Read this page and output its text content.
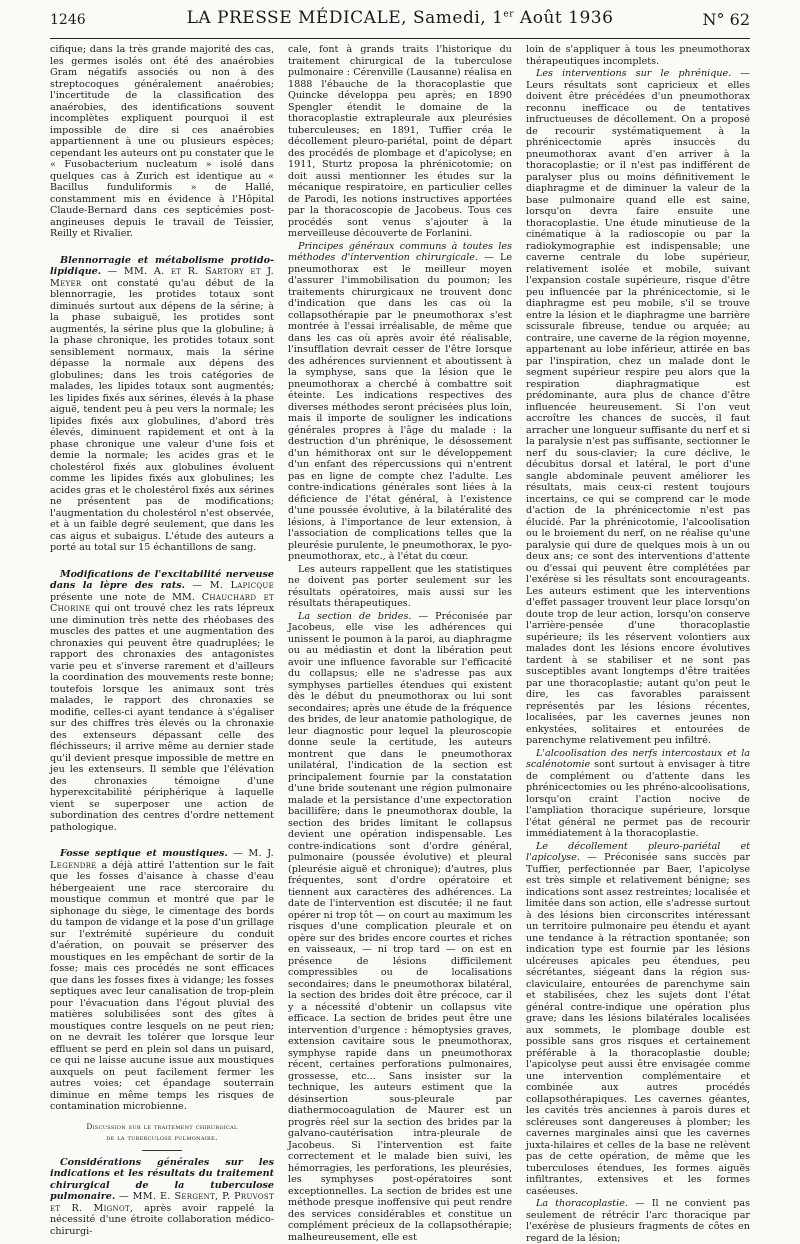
1246	LA PRESSE MÉDICALE, Samedi, 1er Août 1936	N° 62

cifique; dans la très grande majorité des cas, les germes isolés ont été des anaérobies Gram négatifs associés ou non à des streptocoques généralement anaérobies; l'incertitude de la classification des anaérobies, des identifications souvent incomplètes expliquent pourquoi il est impossible de dire si ces anaérobies appartiennent à une ou plusieurs espèces; cependant les auteurs ont pu constater que le « Fusobacterium nucleatum » isolé dans quelques cas à Zurich est identique au « Bacillus funduliformis » de Hallé, constamment mis en évidence à l'Hôpital Claude-Bernard dans ces septicémies post-angineuses depuis le travail de Teissier, Reilly et Rivalier.

Blennorragie et métabolisme protido-lipidique. — MM. A. et R. Sartory et J. Meyer ont constaté qu'au début de la blennorragie, les protides totaux sont diminués surtout aux dépens de la sérine; à la phase subaiguë, les protides sont augmentés, la sérine plus que la globuline; à la phase chronique, les protides totaux sont sensiblement normaux, mais la sérine dépasse la normale aux dépens des globulines; dans les trois catégories de malades, les lipides totaux sont augmentés; les lipides fixés aux sérines, élevés à la phase aiguë, tendent peu à peu vers la normale; les lipides fixés aux globulines, d'abord très élevés, diminuent rapidement et ont à la phase chronique une valeur d'une fois et demie la normale; les acides gras et le cholestérol fixés aux globulines évoluent comme les lipides fixés aux globulines; les acides gras et le cholestérol fixés aux sérines ne présentent pas de modifications; l'augmentation du cholestérol n'est observée, et à un faible degré seulement, que dans les cas aigus et subaigus. L'étude des auteurs a porté au total sur 15 échantillons de sang.

Modifications de l'excitabilité nerveuse dans la lèpre des rats. — M. Lapicque présente une note de MM. Chauchard et Chorine qui ont trouvé chez les rats lépreux une diminution très nette des rhéobases des muscles des pattes et une augmentation des chronaxies qui peuvent être quadruplées; le rapport des chronaxies des antagonistes varie peu et s'inverse rarement et d'ailleurs la coordination des mouvements reste bonne; toutefois lorsque les animaux sont très malades, le rapport des chronaxies se modifie, celles-ci ayant tendance à s'égaliser sur des chiffres très élevés ou la chronaxie des extenseurs dépassant celle des fléchisseurs; il arrive même au dernier stade qu'il devient presque impossible de mettre en jeu les extenseurs. Il semble que l'élévation des chronaxies témoigne d'une hyperexcitabilité périphérique à laquelle vient se superposer une action de subordination des centres d'ordre nettement pathologique.

Fosse septique et moustiques. — M. J. Legendre a déjà attiré l'attention sur le fait que les fosses d'aisance à chasse d'eau hébergeaient une race stercoraire du moustique commun et montré que par le siphonage du siège, le cimentage des bords du tampon de vidange et la pose d'un grillage sur l'extrémité supérieure du conduit d'aération, on pouvait se préserver des moustiques en les empêchant de sortir de la fosse; mais ces procédés ne sont efficaces que dans les fosses fixes à vidange; les fosses septiques avec leur canalisation de trop-plein pour l'évacuation dans l'égout pluvial des matières solubilisées sont des gîtes à moustiques contre lesquels on ne peut rien; on ne devrait les tolérer que lorsque leur effluent se perd en plein sol dans un puisard, ce qui ne laisse aucune issue aux moustiques auxquels on peut facilement fermer les autres voies; cet épandage souterrain diminue en même temps les risques de contamination microbienne.

Discussion sur le traitement chirurgical
de la tuberculose pulmonaire.

Considérations générales sur les indications et les résultats du traitement chirurgical de la tuberculose pulmonaire. — MM. E. Sergent, P. Pruvost et R. Mignot, après avoir rappelé la nécessité d'une étroite collaboration médico-chirurgi-

cale, font à grands traits l'historique du traitement chirurgical de la tuberculose pulmonaire : Cérenville (Lausanne) réalisa en 1888 l'ébauche de la thoracoplastie que Quincke développa peu après; en 1890 Spengler étendit le domaine de la thoracoplastie extrapleurale aux pleurésies tuberculeuses; en 1891, Tuffier créa le décollement pleuro-pariétal, point de départ des procédés de plombage et d'apicolyse; en 1911, Sturtz proposa la phrénicotomie; on doit aussi mentionner les études sur la mécanique respiratoire, en particulier celles de Parodi, les notions instructives apportées par la thoracoscopie de Jacobeus. Tous ces procédés sont venus s'ajouter à la merveilleuse découverte de Forlanini.

Principes généraux communs à toutes les méthodes d'intervention chirurgicale. — Le pneumothorax est le meilleur moyen d'assurer l'immobilisation du poumon; les traitements chirurgicaux ne trouvent donc d'indication que dans les cas où la collapsothérapie par le pneumothorax s'est montrée à l'essai irréalisable, de même que dans les cas où après avoir été réalisable, l'insufflation devrait cesser de l'être lorsque des adhérences surviennent et aboutissent à la symphyse, sans que la lésion que le pneumothorax a cherché à combattre soit éteinte. Les indications respectives des diverses méthodes seront précisées plus loin, mais il importe de souligner les indications générales propres à l'âge du malade : la destruction d'un phrénique, le désossement d'un hémithorax ont sur le développement d'un enfant des répercussions qui n'entrent pas en ligne de compte chez l'adulte. Les contre-indications générales sont liées à la déficience de l'état général, à l'existence d'une poussée évolutive, à la bilatéralité des lésions, à l'importance de leur extension, à l'association de complications telles que la pleurésie purulente, le pneumothorax, le pyo-pneumothorax, etc., à l'état du cœur.

Les auteurs rappellent que les statistiques ne doivent pas porter seulement sur les résultats opératoires, mais aussi sur les résultats thérapeutiques.

La section de brides. — Préconisée par Jacobeus, elle vise les adhérences qui unissent le poumon à la paroi, au diaphragme ou au médiastin et dont la libération peut avoir une influence favorable sur l'efficacité du collapsus; elle ne s'adresse pas aux symphyses partielles étendues qui existent dès le début du pneumothorax ou lui sont secondaires; après une étude de la fréquence des brides, de leur anatomie pathologique, de leur diagnostic pour lequel la pleuroscopie donne seule la certitude, les auteurs montrent que dans le pneumothorax unilatéral, l'indication de la section est principalement fournie par la constatation d'une bride soutenant une région pulmonaire malade et la persistance d'une expectoration bacillifère; dans le pneumothorax double, la section des brides limitant le collapsus devient une opération indispensable. Les contre-indications sont d'ordre général, pulmonaire (poussée évolutive) et pleural (pleurésie aiguë et chronique); d'autres, plus fréquentes, sont d'ordre opératoire et tiennent aux caractères des adhérences. La date de l'intervention est discutée; il ne faut opérer ni trop tôt — on court au maximum les risques d'une complication pleurale et on opère sur des brides encore courtes et riches en vaisseaux, — ni trop tard — on est en présence de lésions difficilement compressibles ou de localisations secondaires; dans le pneumothorax bilatéral, la section des brides doit être précoce, car il y a nécessité d'obtenir un collapsus vite efficace. La section de brides peut être une intervention d'urgence : hémoptysies graves, extension cavitaire sous le pneumothorax, symphyse rapide dans un pneumothorax récent, certaines perforations pulmonaires, grossesse, etc... Sans insister sur la technique, les auteurs estiment que la désinsertion sous-pleurale par diathermocoagulation de Maurer est un progrès réel sur la section des brides par la galvano-cautérisation intra-pleurale de Jacobeus. Si l'intervention est faite correctement et le malade bien suivi, les hémorragies, les perforations, les pleurésies, les symphyses post-opératoires sont exceptionnelles. La section de brides est une méthode presque inoffensive qui peut rendre des services considérables et constitue un complément précieux de la collapsothérapie; malheureusement, elle est

loin de s'appliquer à tous les pneumothorax thérapeutiques incomplets.

Les interventions sur le phrénique. — Leurs résultats sont capricieux et elles doivent être précédées d'un pneumothorax reconnu inefficace ou de tentatives infructueuses de décollement. On a proposé de recourir systématiquement à la phrénicectomie après insuccès du pneumothorax avant d'en arriver à la thoracoplastie; or il n'est pas indifférent de paralyser plus ou moins définitivement le diaphragme et de diminuer la valeur de la base pulmonaire quand elle est saine, lorsqu'on devra faire ensuite une thoracoplastie. Une étude minutieuse de la cinématique à la radioscopie ou par la radiokymographie est indispensable; une caverne centrale du lobe supérieur, relativement isolée et mobile, suivant l'expansion costale supérieure, risque d'être peu influencée par la phrénicectomie, si le diaphragme est peu mobile, s'il se trouve entre la lésion et le diaphragme une barrière scissurale fibreuse, tendue ou arquée; au contraire, une caverne de la région moyenne, appartenant au lobe inférieur, attirée en bas par l'inspiration, chez un malade dont le segment supérieur respire peu alors que la respiration diaphragmatique est prédominante, aura plus de chance d'être influencée heureusement. Si l'on veut accroître les chances de succès, il faut arracher une longueur suffisante du nerf et si la paralysie n'est pas suffisante, sectionner le nerf du sous-clavier; la cure déclive, le décubitus dorsal et latéral, le port d'une sangle abdominale peuvent améliorer les résultats, mais ceux-ci restent toujours incertains, ce qui se comprend car le mode d'action de la phrénicectomie n'est pas élucidé. Par la phrénicotomie, l'alcoolisation ou le broiement du nerf, on ne réalise qu'une paralysie qui dure de quelques mois à un ou deux ans; ce sont des interventions d'attente ou d'essai qui peuvent être complétées par l'exérèse si les résultats sont encourageants. Les auteurs estiment que les interventions d'effet passager trouvent leur place lorsqu'on doute trop de leur action, lorsqu'on conserve l'arrière-pensée d'une thoracoplastie supérieure; ils les réservent volontiers aux malades dont les lésions encore évolutives tardent à se stabiliser et ne sont pas susceptibles avant longtemps d'être traitées par une thoracoplastie; autant qu'on peut le dire, les cas favorables paraissent représentés par les lésions récentes, localisées, par les cavernes jeunes non enkystées, solitaires et entourées de parenchyme relativement peu infiltré.

L'alcoolisation des nerfs intercostaux et la scalénotomie sont surtout à envisager à titre de complément ou d'attente dans les phrénicectomies ou les phréno-alcoolisations, lorsqu'on craint l'action nocive de l'ampliation thoracique supérieure, lorsque l'état général ne permet pas de recourir immédiatement à la thoracoplastie.

Le décollement pleuro-pariétal et l'apicolyse. — Préconisée sans succès par Tuffier, perfectionnée par Baer, l'apicolyse est très simple et relativement bénigne; ses indications sont assez restreintes; localisée et limitée dans son action, elle s'adresse surtout à des lésions bien circonscrites intéressant un territoire pulmonaire peu étendu et ayant une tendance à la rétraction spontanée; son indication type est fournie par les lésions ulcéreuses apicales peu étendues, peu sécrétantes, siégeant dans la région sus-claviculaire, entourées de parenchyme sain et stabilisées, chez les sujets dont l'état général contre-indique une opération plus grave; dans les lésions bilatérales localisées aux sommets, le plombage double est possible sans gros risques et certainement préférable à la thoracoplastie double; l'apicolyse peut aussi être envisagée comme une intervention complémentaire et combinée aux autres procédés collapsothérapiques. Les cavernes géantes, les cavités très anciennes à parois dures et scléreuses sont dangereuses à plomber; les cavernes marginales ainsi que les cavernes juxta-hilaires et celles de la base ne relèvent pas de cette opération, de même que les tuberculoses étendues, les formes aiguës infiltrantes, extensives et les formes caséeuses.

La thoracoplastie. — Il ne convient pas seulement de rétrécir l'arc thoracique par l'exérèse de plusieurs fragments de côtes en regard de la lésion;
